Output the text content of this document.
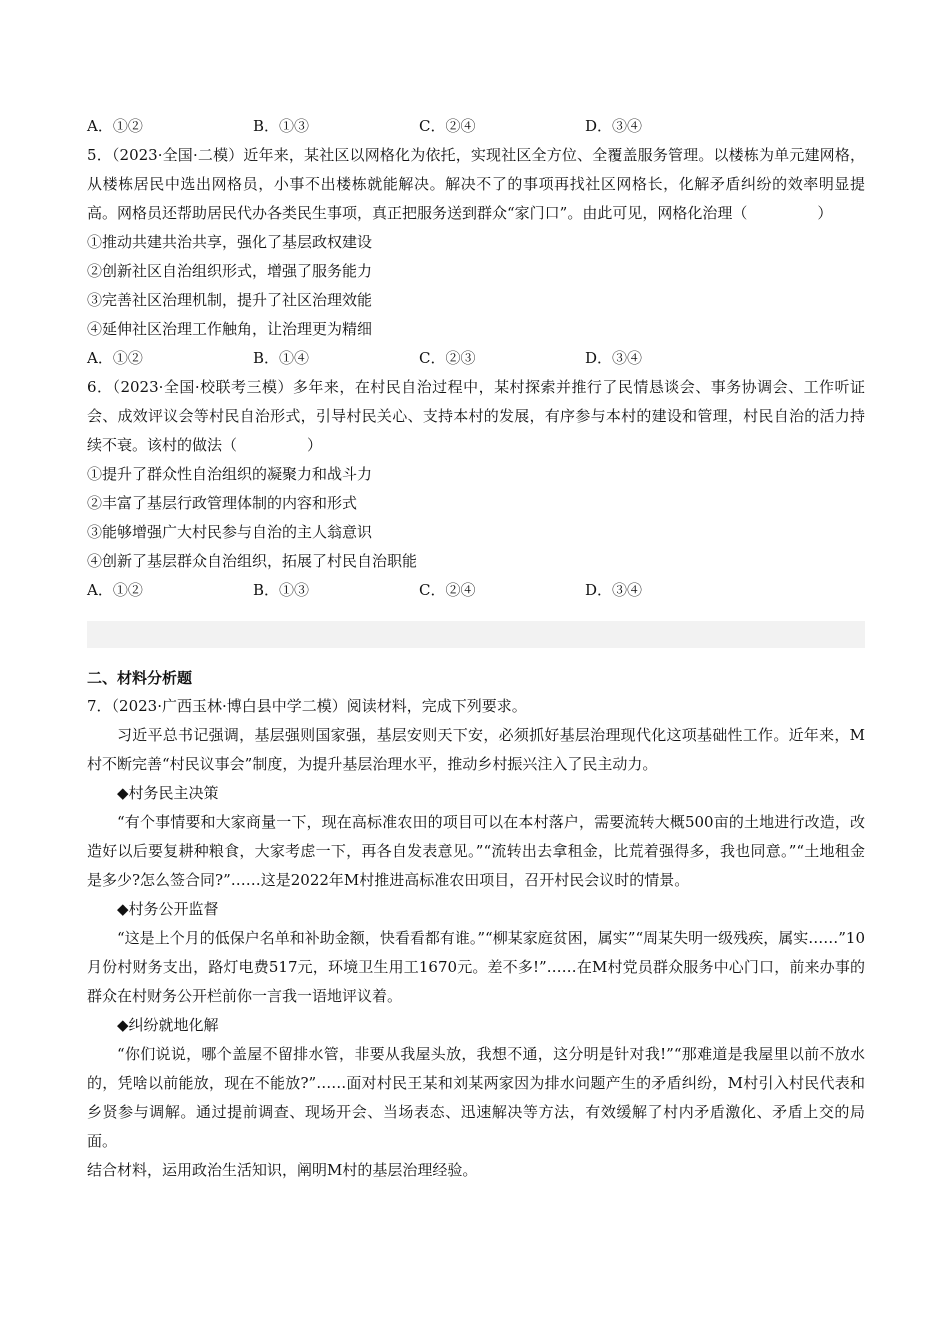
A．①②	B．①③	C．②④	D．③④
5．（2023·全国·二模）近年来，某社区以网格化为依托，实现社区全方位、全覆盖服务管理。以楼栋为单元建网格，从楼栋居民中选出网格员，小事不出楼栋就能解决。解决不了的事项再找社区网格长，化解矛盾纠纷的效率明显提高。网格员还帮助居民代办各类民生事项，真正把服务送到群众“家门口”。由此可见，网格化治理（	）
①推动共建共治共享，强化了基层政权建设
②创新社区自治组织形式，增强了服务能力
③完善社区治理机制，提升了社区治理效能
④延伸社区治理工作触角，让治理更为精细
A．①②	B．①④	C．②③	D．③④
6．（2023·全国·校联考三模）多年来，在村民自治过程中，某村探索并推行了民情恳谈会、事务协调会、工作听证会、成效评议会等村民自治形式，引导村民关心、支持本村的发展，有序参与本村的建设和管理，村民自治的活力持续不衰。该村的做法（	）
①提升了群众性自治组织的凝聚力和战斗力
②丰富了基层行政管理体制的内容和形式
③能够增强广大村民参与自治的主人翁意识
④创新了基层群众自治组织，拓展了村民自治职能
A．①②	B．①③	C．②④	D．③④
二、材料分析题
7．（2023·广西玉林·博白县中学二模）阅读材料，完成下列要求。
习近平总书记强调，基层强则国家强，基层安则天下安，必须抓好基层治理现代化这项基础性工作。近年来，M村不断完善“村民议事会”制度，为提升基层治理水平，推动乡村振兴注入了民主动力。
◆村务民主决策
“有个事情要和大家商量一下，现在高标准农田的项目可以在本村落户，需要流转大概500亩的土地进行改造，改造好以后要复耕种粮食，大家考虑一下，再各自发表意见。”“流转出去拿租金，比荒着强得多，我也同意。”“土地租金是多少?怎么签合同?”……这是2022年M村推进高标准农田项目，召开村民会议时的情景。
◆村务公开监督
“这是上个月的低保户名单和补助金额，快看看都有谁。”“柳某家庭贫困，属实”“周某失明一级残疾，属实……”10月份村财务支出，路灯电费517元，环境卫生用工1670元。差不多!”……在M村党员群众服务中心门口，前来办事的群众在村财务公开栏前你一言我一语地评议着。
◆纠纷就地化解
“你们说说，哪个盖屋不留排水管，非要从我屋头放，我想不通，这分明是针对我!”“那难道是我屋里以前不放水的，凭啥以前能放，现在不能放?”……面对村民王某和刘某两家因为排水问题产生的矛盾纠纷，M村引入村民代表和乡贤参与调解。通过提前调查、现场开会、当场表态、迅速解决等方法，有效缓解了村内矛盾激化、矛盾上交的局面。
结合材料，运用政治生活知识，阐明M村的基层治理经验。
